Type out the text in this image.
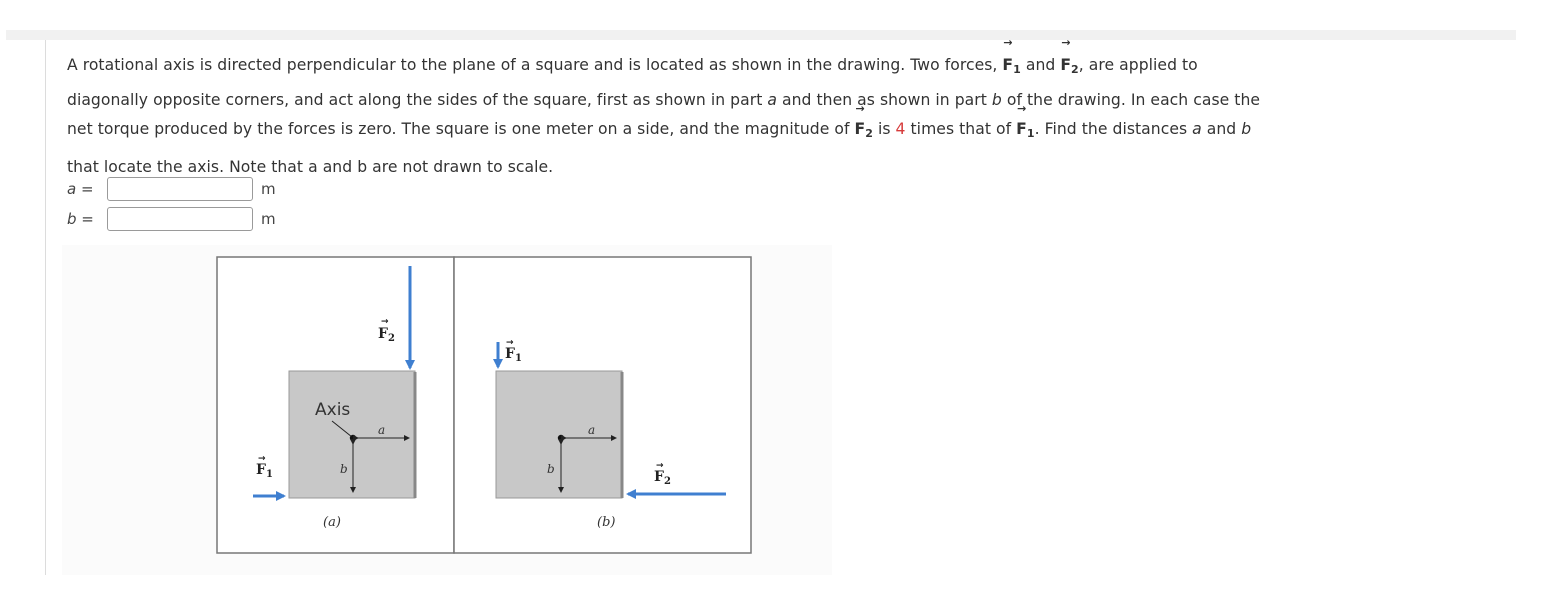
A rotational axis is directed perpendicular to the plane of a square and is located as shown in the drawing. Two forces, → $F_1$ and → $F_2$, are applied to

diagonally opposite corners, and act along the sides of the square, first as shown in part a and then as shown in part b of the drawing. In each case the

net torque produced by the forces is zero. The square is one meter on a side, and the magnitude of → $F_2$ is 4 times that of → $F_1$. Find the distances a and b

that locate the axis. Note that a and b are not drawn to scale.

a =	m
b =	m
Axis
a
b
$F_2$
→
$F_1$
→
(a)
a
b
$F_1$
→
$F_2$
→
(b)
